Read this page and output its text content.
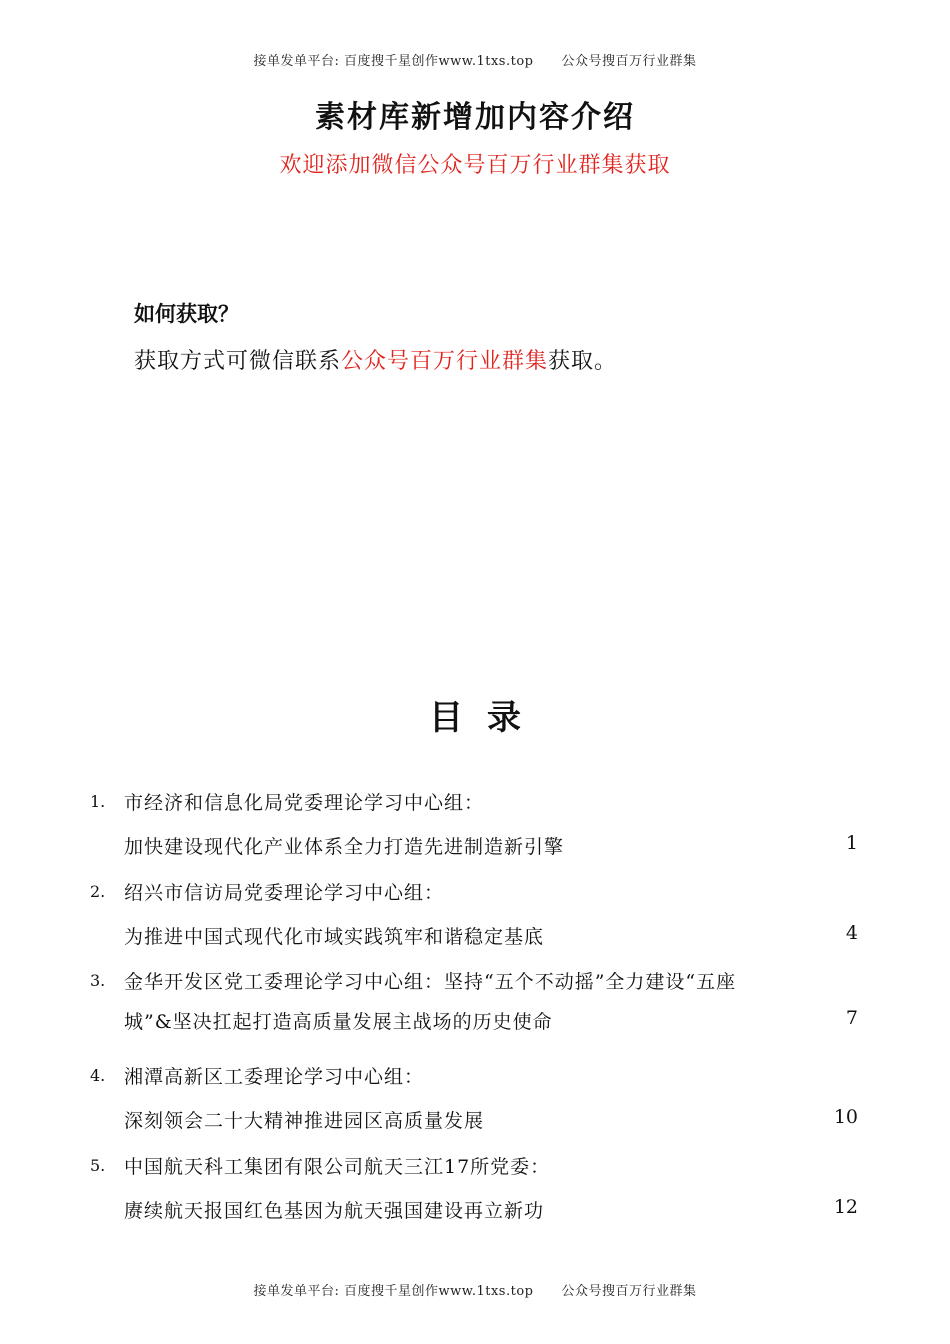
接单发单平台: 百度搜千星创作www.1txs.top 公众号搜百万行业群集
素材库新增加内容介绍
欢迎添加微信公众号百万行业群集获取
如何获取？
获取方式可微信联系公众号百万行业群集获取。
目录
1. 市经济和信息化局党委理论学习中心组：
加快建设现代化产业体系全力打造先进制造新引擎	1
2. 绍兴市信访局党委理论学习中心组：
为推进中国式现代化市域实践筑牢和谐稳定基底	4
3. 金华开发区党工委理论学习中心组：坚持“五个不动摇”全力建设“五座
城”&坚决扛起打造高质量发展主战场的历史使命	7
4. 湘潭高新区工委理论学习中心组：
深刻领会二十大精神推进园区高质量发展	10
5. 中国航天科工集团有限公司航天三江17所党委：
赓续航天报国红色基因为航天强国建设再立新功	12
接单发单平台: 百度搜千星创作www.1txs.top 公众号搜百万行业群集
